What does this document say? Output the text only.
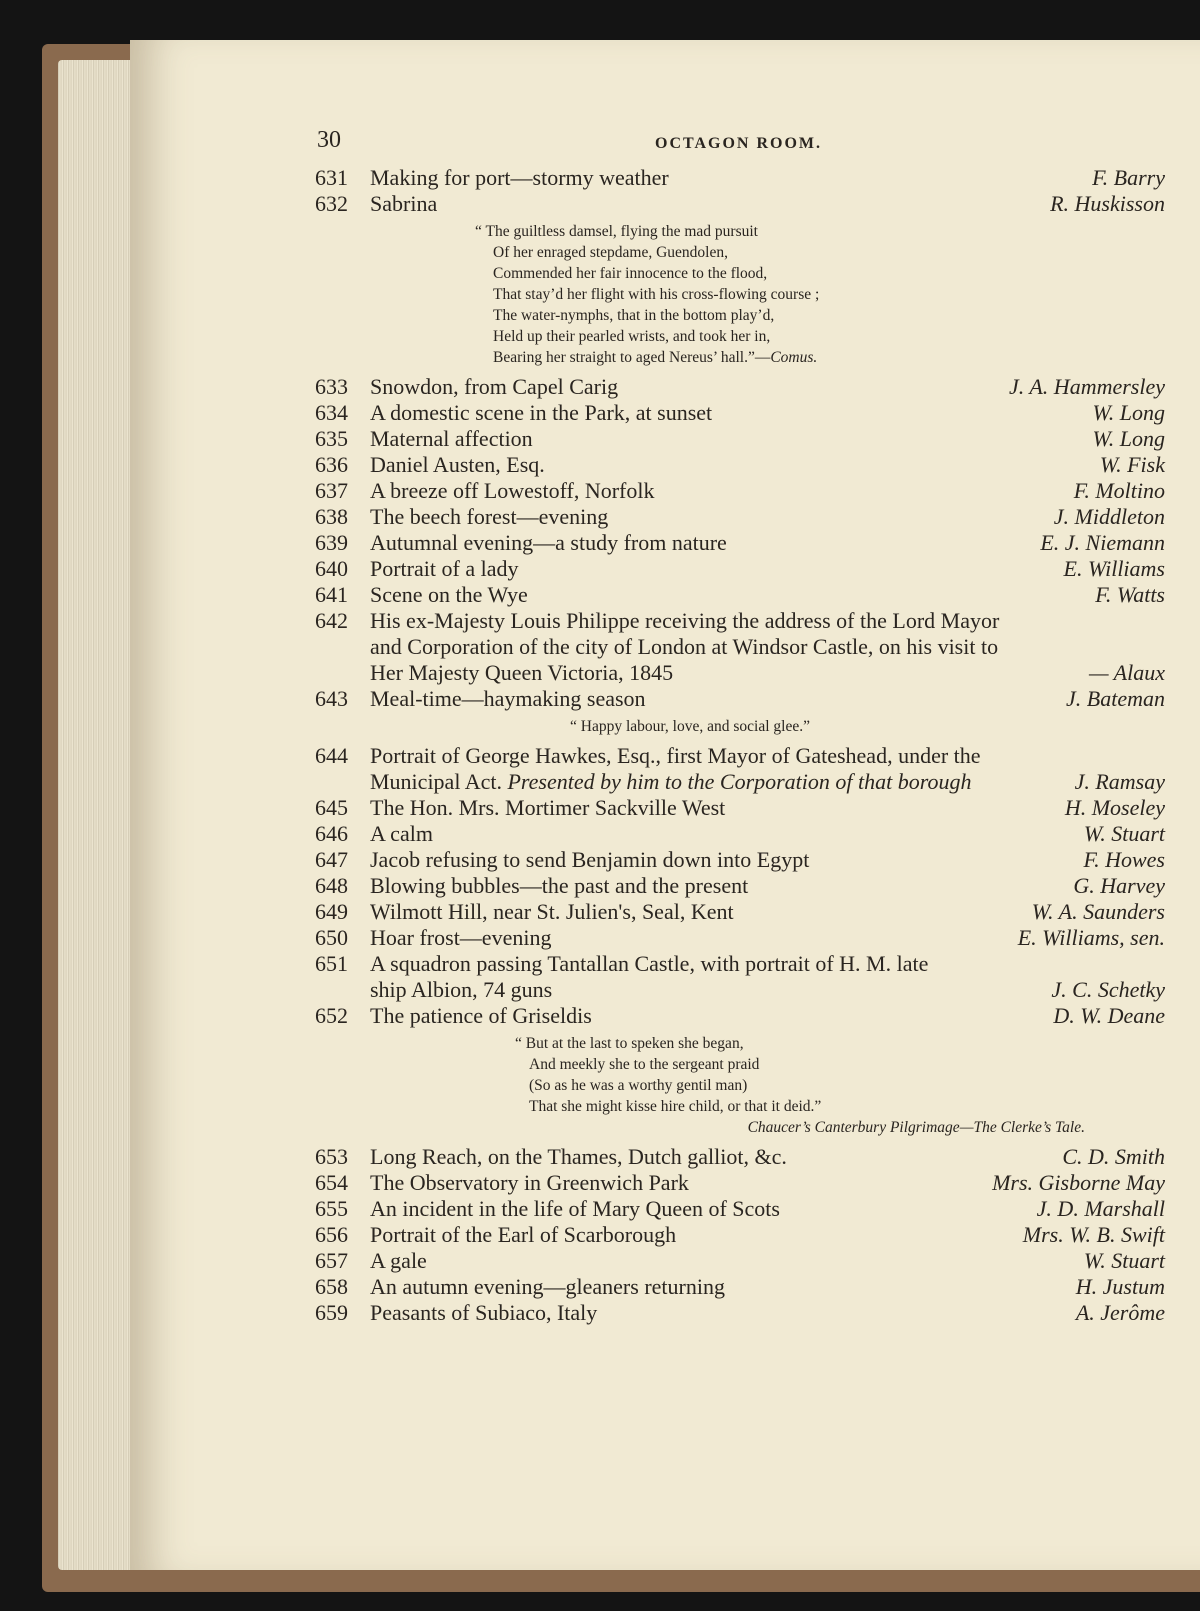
30	OCTAGON ROOM.
631	Making for port—stormy weather	F. Barry
632	Sabrina	R. Huskisson
“ The guiltless damsel, flying the mad pursuit
Of her enraged stepdame, Guendolen,
Commended her fair innocence to the flood,
That stay’d her flight with his cross-flowing course ;
The water-nymphs, that in the bottom play’d,
Held up their pearled wrists, and took her in,
Bearing her straight to aged Nereus’ hall.”—Comus.
633	Snowdon, from Capel Carig	J. A. Hammersley
634	A domestic scene in the Park, at sunset	W. Long
635	Maternal affection	W. Long
636	Daniel Austen, Esq.	W. Fisk
637	A breeze off Lowestoff, Norfolk	F. Moltino
638	The beech forest—evening	J. Middleton
639	Autumnal evening—a study from nature	E. J. Niemann
640	Portrait of a lady	E. Williams
641	Scene on the Wye	F. Watts
642	His ex-Majesty Louis Philippe receiving the address of the Lord Mayor and Corporation of the city of London at Windsor Castle, on his visit to Her Majesty Queen Victoria, 1845	— Alaux
643	Meal-time—haymaking season	J. Bateman
“ Happy labour, love, and social glee.”
644	Portrait of George Hawkes, Esq., first Mayor of Gateshead, under the Municipal Act. Presented by him to the Corporation of that borough	J. Ramsay
645	The Hon. Mrs. Mortimer Sackville West	H. Moseley
646	A calm	W. Stuart
647	Jacob refusing to send Benjamin down into Egypt	F. Howes
648	Blowing bubbles—the past and the present	G. Harvey
649	Wilmott Hill, near St. Julien's, Seal, Kent	W. A. Saunders
650	Hoar frost—evening	E. Williams, sen.
651	A squadron passing Tantallan Castle, with portrait of H. M. late ship Albion, 74 guns	J. C. Schetky
652	The patience of Griseldis	D. W. Deane
“ But at the last to speken she began,
And meekly she to the sergeant praid
(So as he was a worthy gentil man)
That she might kisse hire child, or that it deid.”
Chaucer’s Canterbury Pilgrimage—The Clerke’s Tale.
653	Long Reach, on the Thames, Dutch galliot, &c.	C. D. Smith
654	The Observatory in Greenwich Park	Mrs. Gisborne May
655	An incident in the life of Mary Queen of Scots	J. D. Marshall
656	Portrait of the Earl of Scarborough	Mrs. W. B. Swift
657	A gale	W. Stuart
658	An autumn evening—gleaners returning	H. Justum
659	Peasants of Subiaco, Italy	A. Jerôme
